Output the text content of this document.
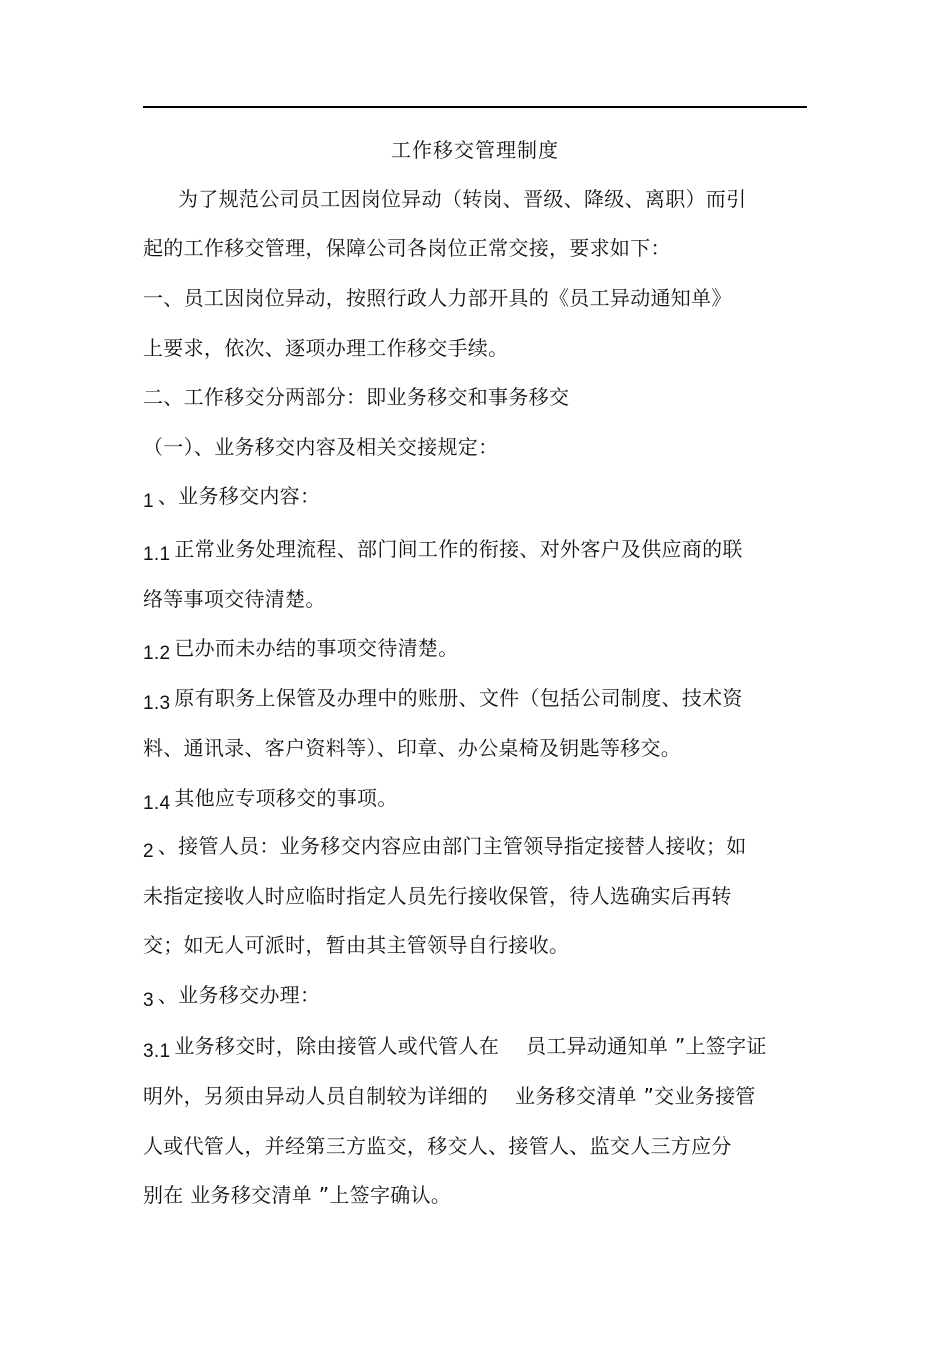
工作移交管理制度
为了规范公司员工因岗位异动（转岗、晋级、降级、离职）而引
起的工作移交管理，保障公司各岗位正常交接，要求如下：
一、员工因岗位异动，按照行政人力部开具的《员工异动通知单》
上要求，依次、逐项办理工作移交手续。
二、工作移交分两部分：即业务移交和事务移交
（一）、业务移交内容及相关交接规定：
1 、业务移交内容：
1.1 正常业务处理流程、部门间工作的衔接、对外客户及供应商的联
络等事项交待清楚。
1.2 已办而未办结的事项交待清楚。
1.3 原有职务上保管及办理中的账册、文件（包括公司制度、技术资
料、通讯录、客户资料等）、印章、办公桌椅及钥匙等移交。
1.4 其他应专项移交的事项。
2 、接管人员：业务移交内容应由部门主管领导指定接替人接收；如
未指定接收人时应临时指定人员先行接收保管，待人选确实后再转
交；如无人可派时，暂由其主管领导自行接收。
3 、业务移交办理：
3.1 业务移交时，除由接管人或代管人在　 员工异动通知单 ”上签字证
明外，另须由异动人员自制较为详细的　 业务移交清单 ”交业务接管
人或代管人，并经第三方监交，移交人、接管人、监交人三方应分
别在 业务移交清单 ”上签字确认。
